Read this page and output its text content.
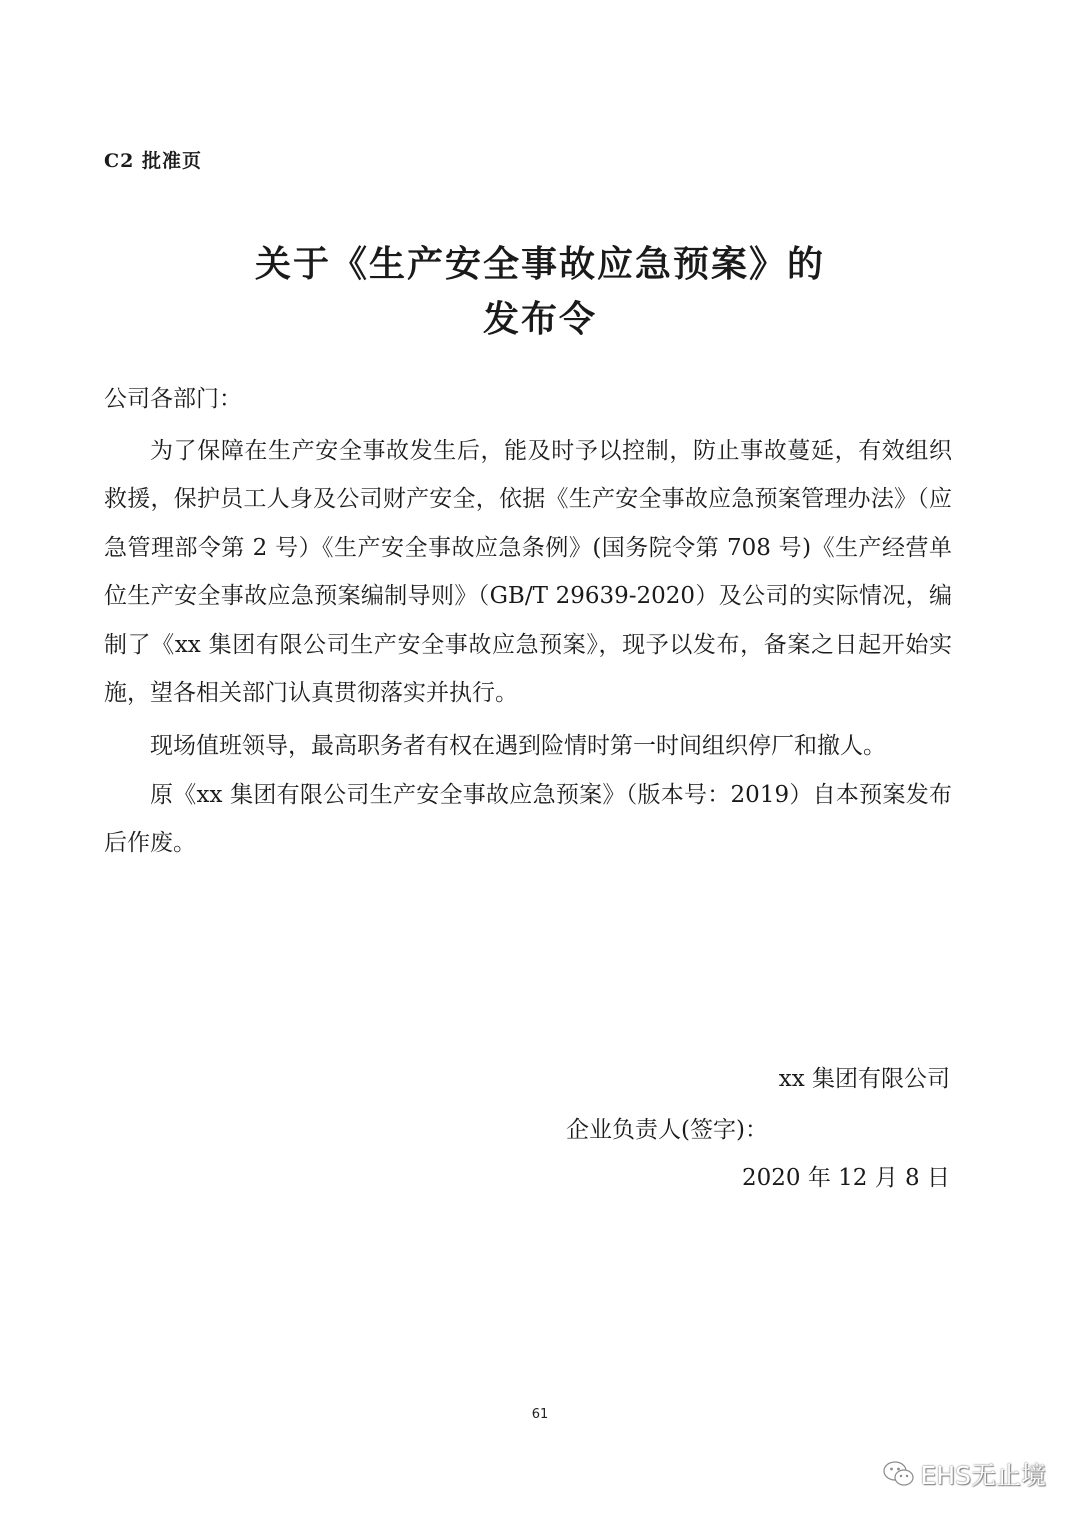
C2 批准页
关于《生产安全事故应急预案》的
发布令
公司各部门：

为了保障在生产安全事故发生后，能及时予以控制，防止事故蔓延，有效组织救援，保护员工人身及公司财产安全，依据《生产安全事故应急预案管理办法》（应急管理部令第 2 号）《生产安全事故应急条例》(国务院令第 708 号)《生产经营单位生产安全事故应急预案编制导则》（GB/T 29639-2020）及公司的实际情况，编制了《xx 集团有限公司生产安全事故应急预案》，现予以发布，备案之日起开始实施，望各相关部门认真贯彻落实并执行。

现场值班领导，最高职务者有权在遇到险情时第一时间组织停厂和撤人。

原《xx 集团有限公司生产安全事故应急预案》（版本号：2019）自本预案发布后作废。

xx 集团有限公司
企业负责人(签字)：
2020 年 12 月 8 日
61
EHS无止境
